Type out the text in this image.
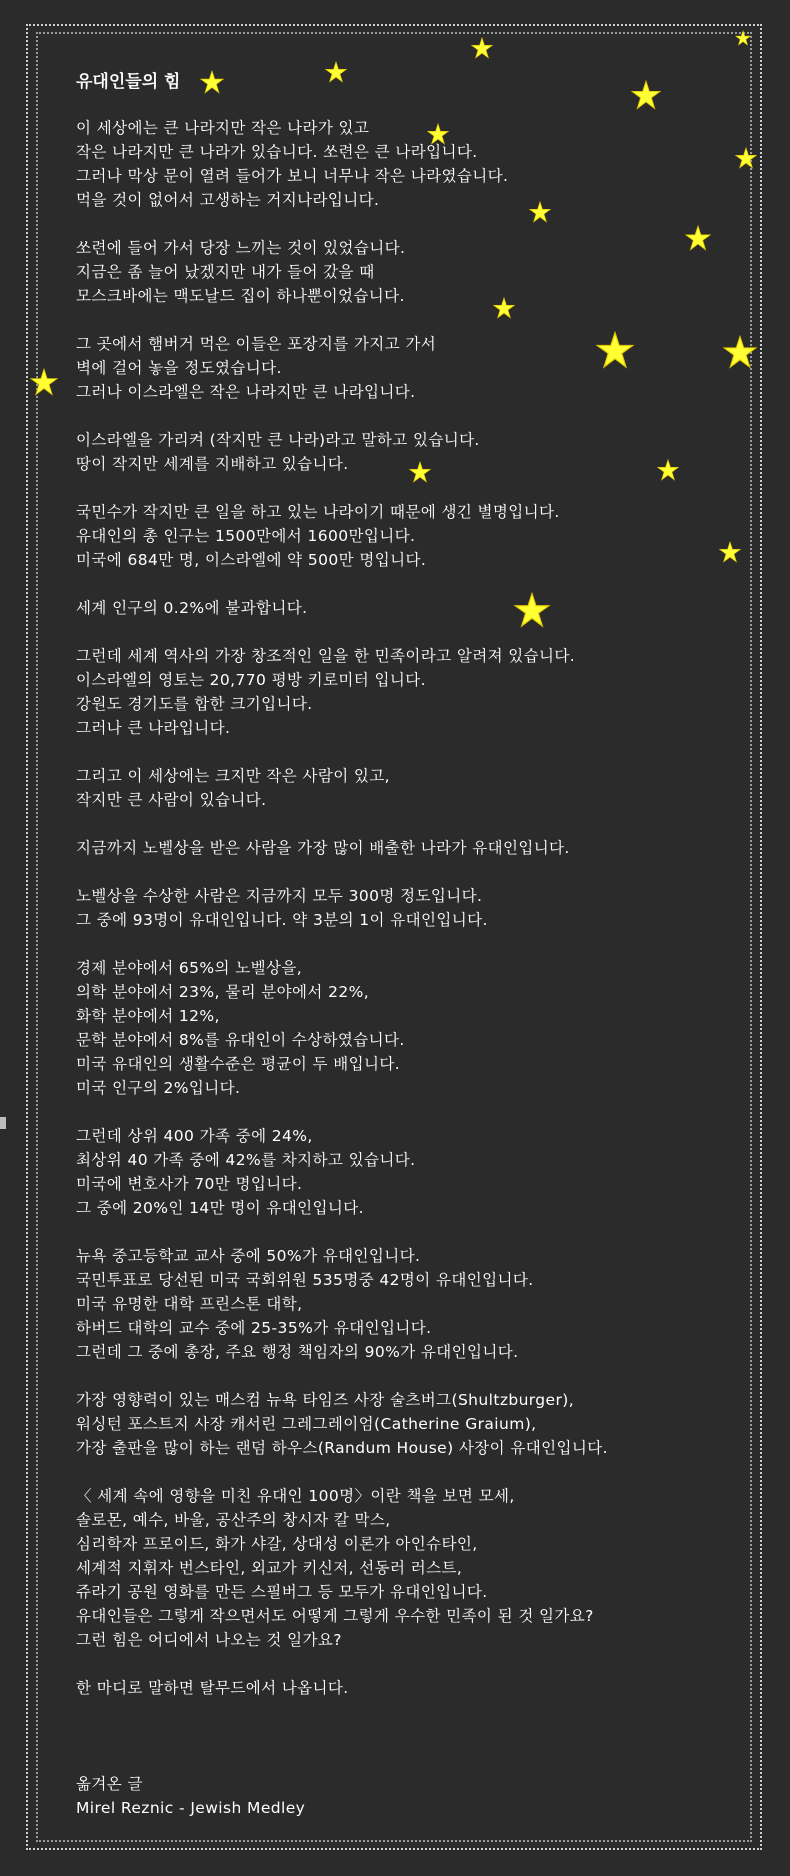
유대인들의 힘
이 세상에는 큰 나라지만 작은 나라가 있고
작은 나라지만 큰 나라가 있습니다. 쏘련은 큰 나라입니다.
그러나 막상 문이 열려 들어가 보니 너무나 작은 나라였습니다.
먹을 것이 없어서 고생하는 거지나라입니다.
쏘련에 들어 가서 당장 느끼는 것이 있었습니다.
지금은 좀 늘어 났겠지만 내가 들어 갔을 때
모스크바에는 맥도날드 집이 하나뿐이었습니다.
그 곳에서 햄버거 먹은 이들은 포장지를 가지고 가서
벽에 걸어 놓을 정도였습니다.
그러나 이스라엘은 작은 나라지만 큰 나라입니다.
이스라엘을 가리켜 (작지만 큰 나라)라고 말하고 있습니다.
땅이 작지만 세계를 지배하고 있습니다.
국민수가 작지만 큰 일을 하고 있는 나라이기 때문에 생긴 별명입니다.
유대인의 총 인구는 1500만에서 1600만입니다.
미국에 684만 명, 이스라엘에 약 500만 명입니다.
세계 인구의 0.2%에 불과합니다.
그런데 세계 역사의 가장 창조적인 일을 한 민족이라고 알려져 있습니다.
이스라엘의 영토는 20,770 평방 키로미터 입니다.
강원도 경기도를 합한 크기입니다.
그러나 큰 나라입니다.
그리고 이 세상에는 크지만 작은 사람이 있고,
작지만 큰 사람이 있습니다.
지금까지 노벨상을 받은 사람을 가장 많이 배출한 나라가 유대인입니다.
노벨상을 수상한 사람은 지금까지 모두 300명 정도입니다.
그 중에 93명이 유대인입니다. 약 3분의 1이 유대인입니다.
경제 분야에서 65%의 노벨상을,
의학 분야에서 23%, 물리 분야에서 22%,
화학 분야에서 12%,
문학 분야에서 8%를 유대인이 수상하였습니다.
미국 유대인의 생활수준은 평균이 두 배입니다.
미국 인구의 2%입니다.
그런데 상위 400 가족 중에 24%,
최상위 40 가족 중에 42%를 차지하고 있습니다.
미국에 변호사가 70만 명입니다.
그 중에 20%인 14만 명이 유대인입니다.
뉴욕 중고등학교 교사 중에 50%가 유대인입니다.
국민투표로 당선된 미국 국회위원 535명중 42명이 유대인입니다.
미국 유명한 대학 프린스톤 대학,
하버드 대학의 교수 중에 25-35%가 유대인입니다.
그런데 그 중에 총장, 주요 행정 책임자의 90%가 유대인입니다.
가장 영향력이 있는 매스컴 뉴욕 타임즈 사장 술츠버그(Shultzburger),
워싱턴 포스트지 사장 캐서린 그레그레이엄(Catherine Graium),
가장 출판을 많이 하는 랜덤 하우스(Randum House) 사장이 유대인입니다.
〈 세계 속에 영향을 미친 유대인 100명〉이란 책을 보면 모세,
솔로몬, 예수, 바울, 공산주의 창시자 칼 막스,
심리학자 프로이드, 화가 샤갈, 상대성 이론가 아인슈타인,
세계적 지휘자 번스타인, 외교가 키신저, 선동러 러스트,
쥬라기 공원 영화를 만든 스필버그 등 모두가 유대인입니다.
유대인들은 그렇게 작으면서도 어떻게 그렇게 우수한 민족이 된 것 일가요?
그런 힘은 어디에서 나오는 것 일가요?
한 마디로 말하면 탈무드에서 나옵니다.
옮겨온 글
Mirel Reznic - Jewish Medley
